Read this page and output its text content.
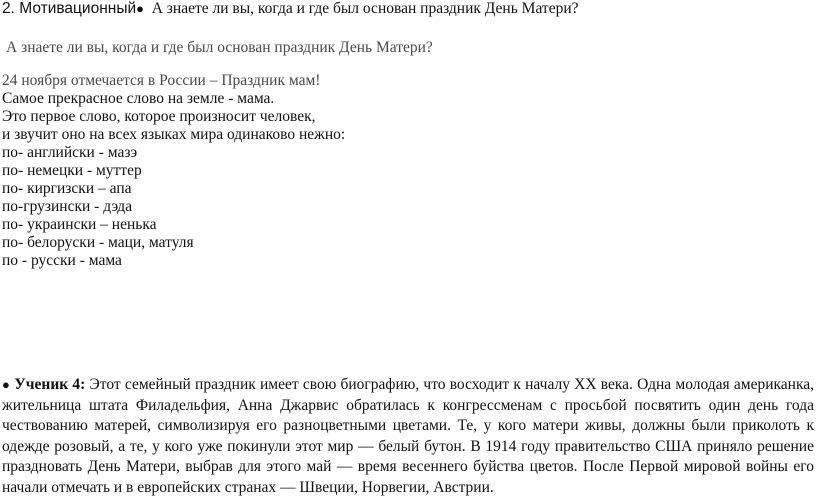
2. Мотивационный● А знаете ли вы, когда и где был основан праздник День Матери?
А знаете ли вы, когда и где был основан праздник День Матери?
24 ноября отмечается в России – Праздник мам!
Самое прекрасное слово на земле - мама.
Это первое слово, которое произносит человек,
и звучит оно на всех языках мира одинаково нежно:
по- английски - мазэ
по- немецки - муттер
по- киргизски – апа
по-грузински - дэда
по- украински – ненька
по- белоруски - маци, матуля
по - русски - мама
● Ученик 4: Этот семейный праздник имеет свою биографию, что восходит к началу XX века. Одна молодая американка, жительница штата Филадельфия, Анна Джарвис обратилась к конгрессменам с просьбой посвятить один день года чествованию матерей, символизируя его разноцветными цветами. Те, у кого матери живы, должны были приколоть к одежде розовый, а те, у кого уже покинули этот мир — белый бутон. В 1914 году правительство США приняло решение праздновать День Матери, выбрав для этого май — время весеннего буйства цветов. После Первой мировой войны его начали отмечать и в европейских странах — Швеции, Норвегии, Австрии.
